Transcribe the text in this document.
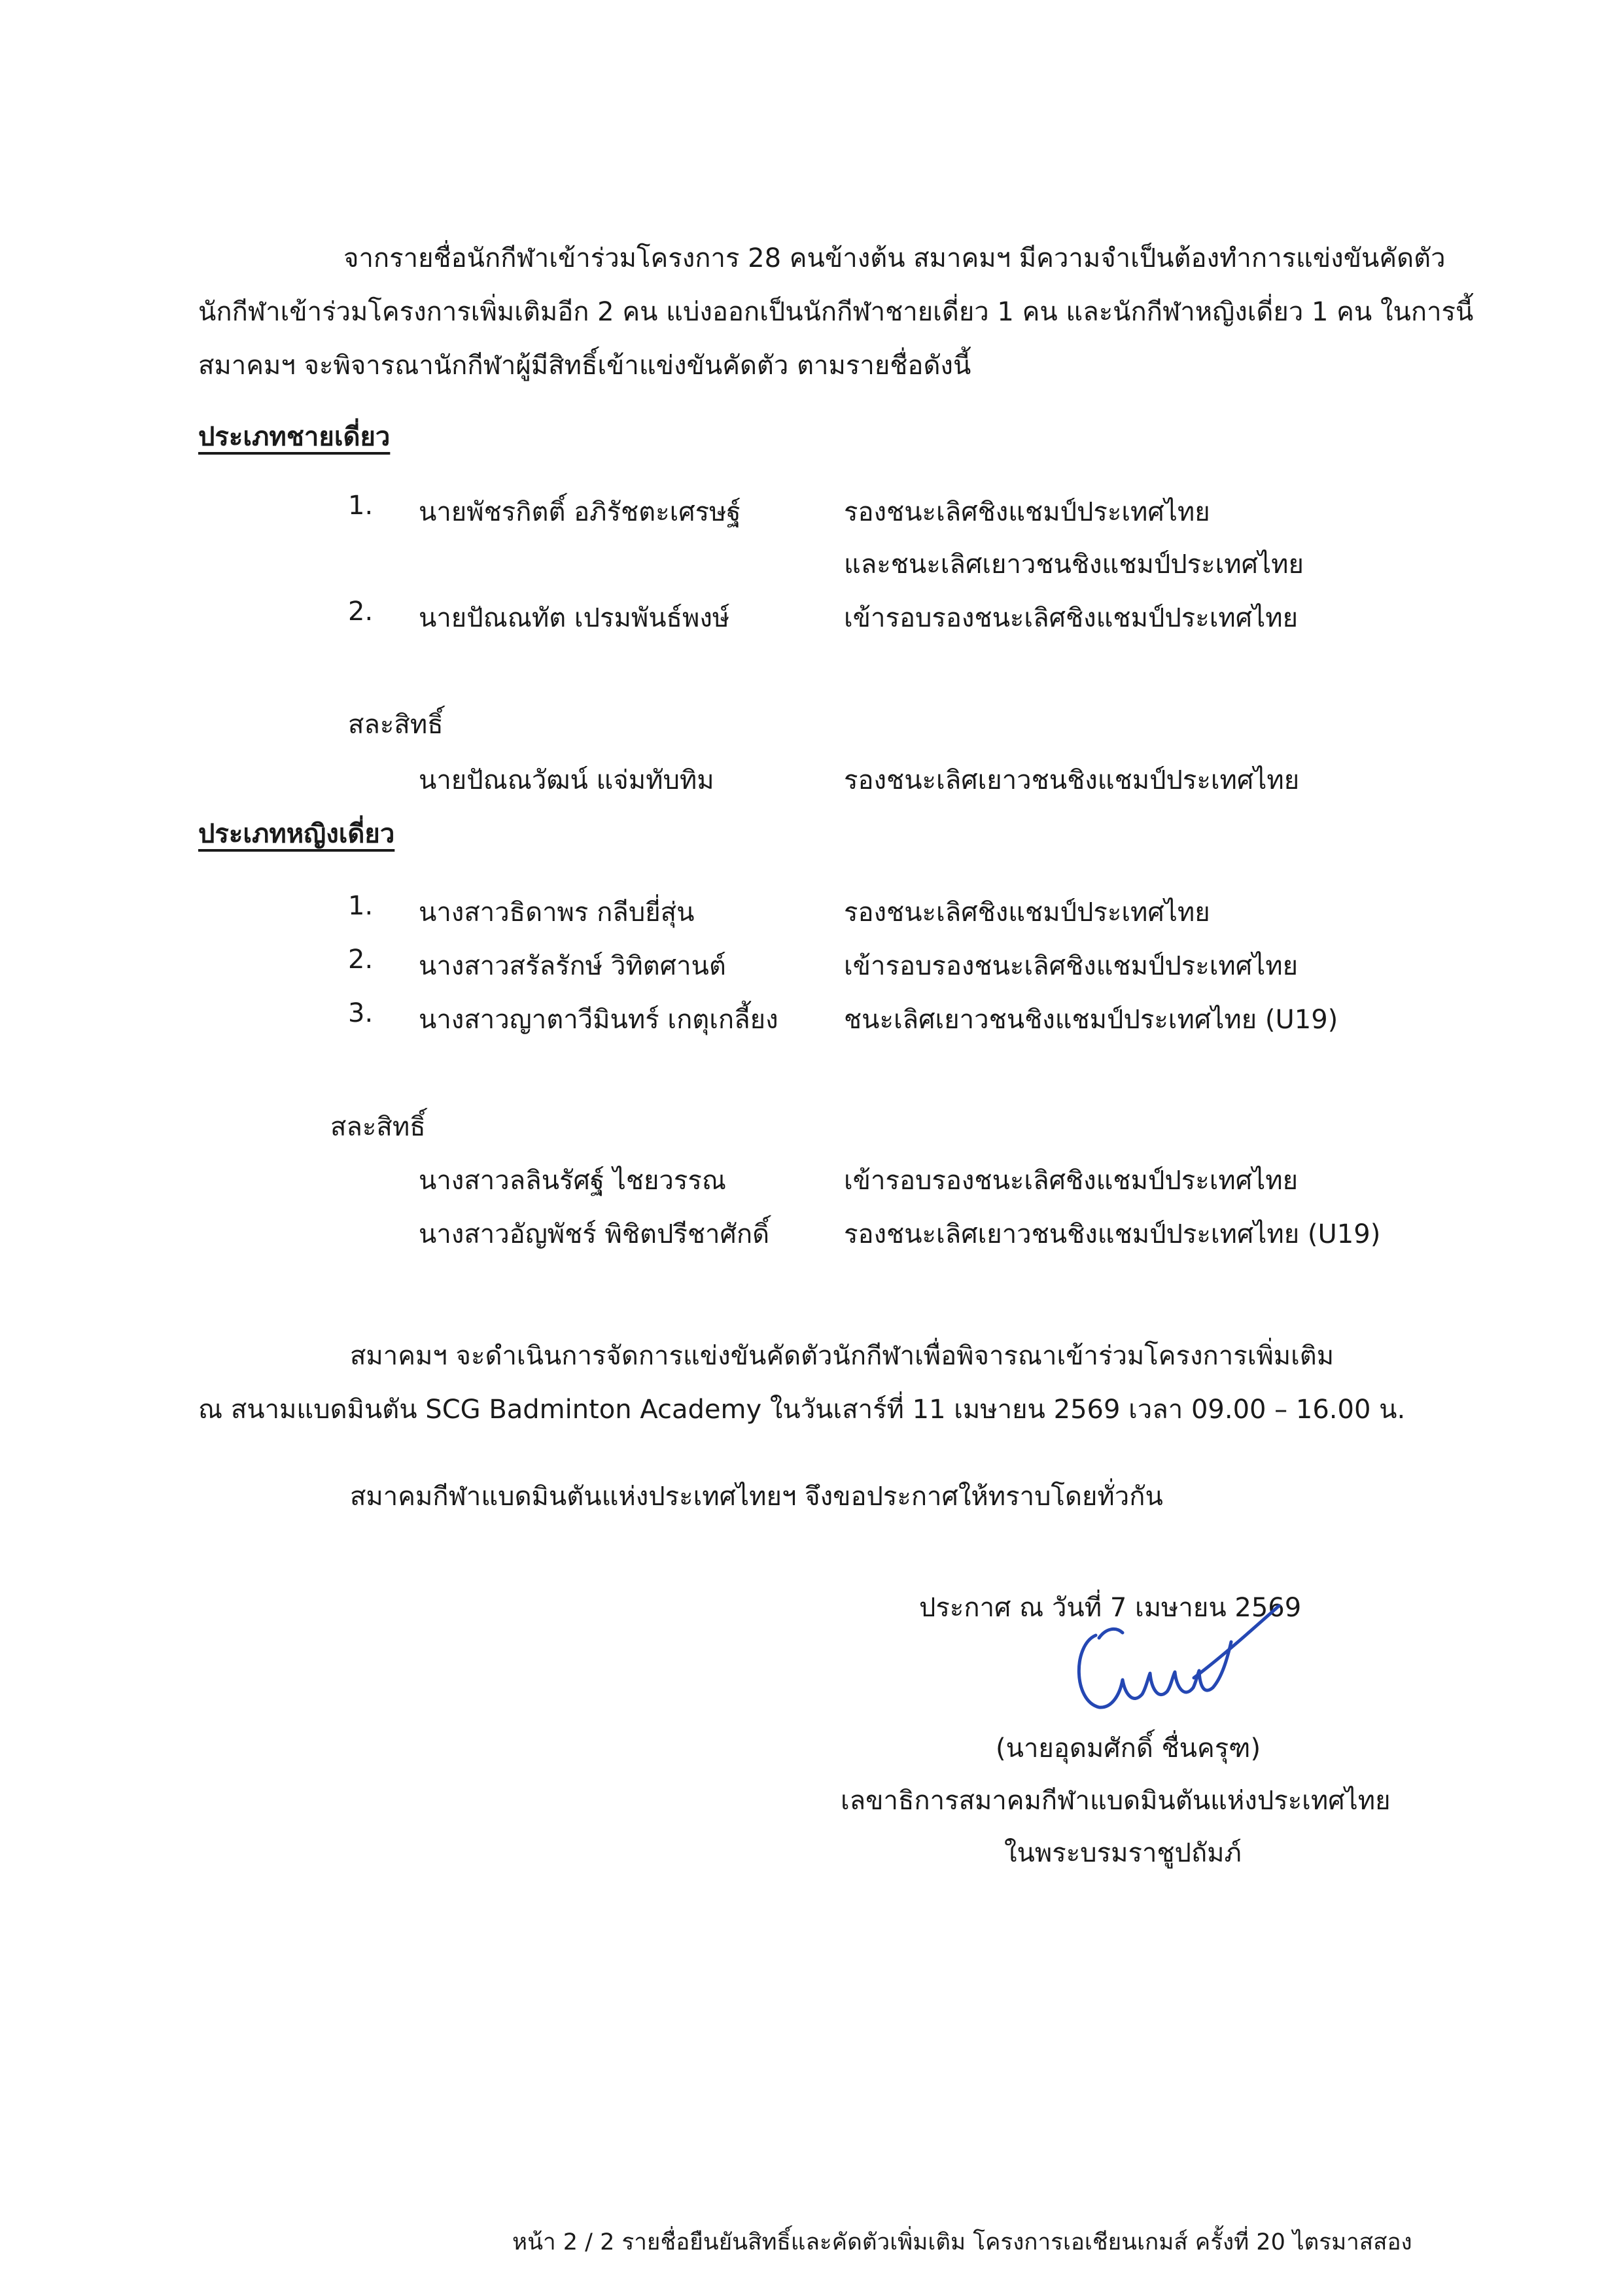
จากรายชื่อนักกีฬาเข้าร่วมโครงการ 28 คนข้างต้น สมาคมฯ มีความจำเป็นต้องทำการแข่งขันคัดตัว
นักกีฬาเข้าร่วมโครงการเพิ่มเติมอีก 2 คน แบ่งออกเป็นนักกีฬาชายเดี่ยว 1 คน และนักกีฬาหญิงเดี่ยว 1 คน ในการนี้
สมาคมฯ จะพิจารณานักกีฬาผู้มีสิทธิ์เข้าแข่งขันคัดตัว ตามรายชื่อดังนี้
ประเภทชายเดี่ยว
1.	นายพัชรกิตติ์ อภิรัชตะเศรษฐ์	รองชนะเลิศชิงแชมป์ประเทศไทย
และชนะเลิศเยาวชนชิงแชมป์ประเทศไทย
2.	นายปัณณทัต เปรมพันธ์พงษ์	เข้ารอบรองชนะเลิศชิงแชมป์ประเทศไทย
สละสิทธิ์
นายปัณณวัฒน์ แจ่มทับทิม	รองชนะเลิศเยาวชนชิงแชมป์ประเทศไทย
ประเภทหญิงเดี่ยว
1.	นางสาวธิดาพร กลีบยี่สุ่น	รองชนะเลิศชิงแชมป์ประเทศไทย
2.	นางสาวสรัลรักษ์ วิทิตศานต์	เข้ารอบรองชนะเลิศชิงแชมป์ประเทศไทย
3.	นางสาวญาตาวีมินทร์ เกตุเกลี้ยง	ชนะเลิศเยาวชนชิงแชมป์ประเทศไทย (U19)
สละสิทธิ์
นางสาวลลินรัศฐ์ ไชยวรรณ	เข้ารอบรองชนะเลิศชิงแชมป์ประเทศไทย
นางสาวอัญพัชร์ พิชิตปรีชาศักดิ์	รองชนะเลิศเยาวชนชิงแชมป์ประเทศไทย (U19)
สมาคมฯ จะดำเนินการจัดการแข่งขันคัดตัวนักกีฬาเพื่อพิจารณาเข้าร่วมโครงการเพิ่มเติม
ณ สนามแบดมินตัน SCG Badminton Academy ในวันเสาร์ที่ 11 เมษายน 2569 เวลา 09.00 – 16.00 น.
สมาคมกีฬาแบดมินตันแห่งประเทศไทยฯ จึงขอประกาศให้ทราบโดยทั่วกัน
ประกาศ ณ วันที่ 7 เมษายน 2569
(นายอุดมศักดิ์ ชื่นครุฑ)
เลขาธิการสมาคมกีฬาแบดมินตันแห่งประเทศไทย
ในพระบรมราชูปถัมภ์
หน้า 2 / 2 รายชื่อยืนยันสิทธิ์และคัดตัวเพิ่มเติม โครงการเอเชียนเกมส์ ครั้งที่ 20 ไตรมาสสอง
